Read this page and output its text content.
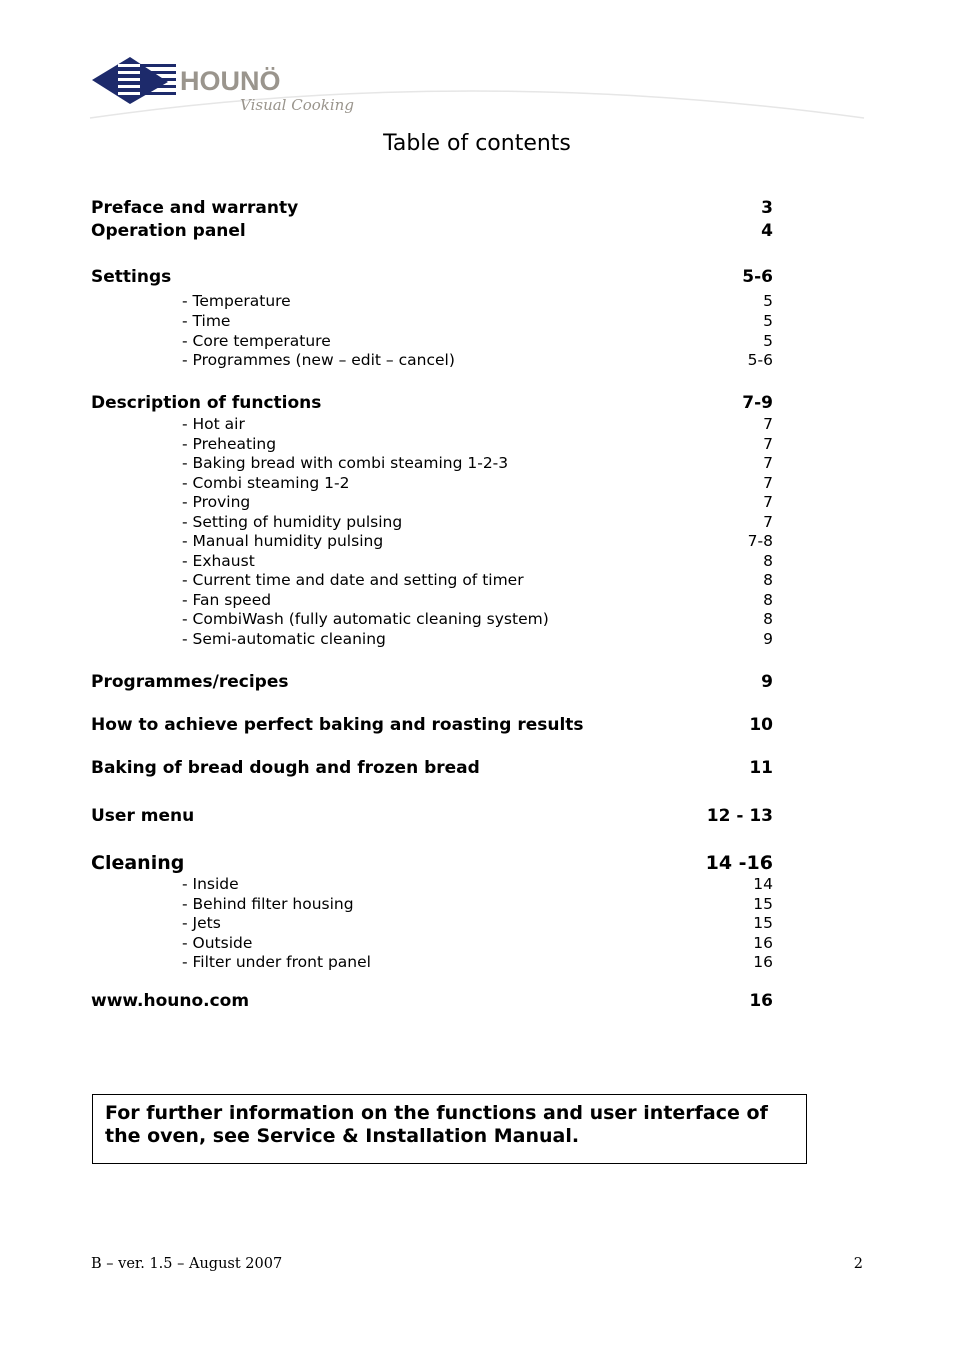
HOUNÖ
Visual Cooking
Table of contents
Preface and warranty	3
Operation panel	4
Settings	5-6
- Temperature	5
- Time	5
- Core temperature	5
- Programmes (new – edit – cancel)	5-6
Description of functions	7-9
- Hot air	7
- Preheating	7
- Baking bread with combi steaming 1-2-3	7
- Combi steaming 1-2	7
- Proving	7
- Setting of humidity pulsing	7
- Manual humidity pulsing	7-8
- Exhaust	8
- Current time and date and setting of timer	8
- Fan speed	8
- CombiWash (fully automatic cleaning system)	8
- Semi-automatic cleaning	9
Programmes/recipes	9
How to achieve perfect baking and roasting results	10
Baking of bread dough and frozen bread	11
User menu	12 - 13
Cleaning	14 -16
- Inside	14
- Behind filter housing	15
- Jets	15
- Outside	16
- Filter under front panel	16
www.houno.com	16
For further information on the functions and user interface of the oven, see Service & Installation Manual.
B – ver. 1.5 – August 2007	2
